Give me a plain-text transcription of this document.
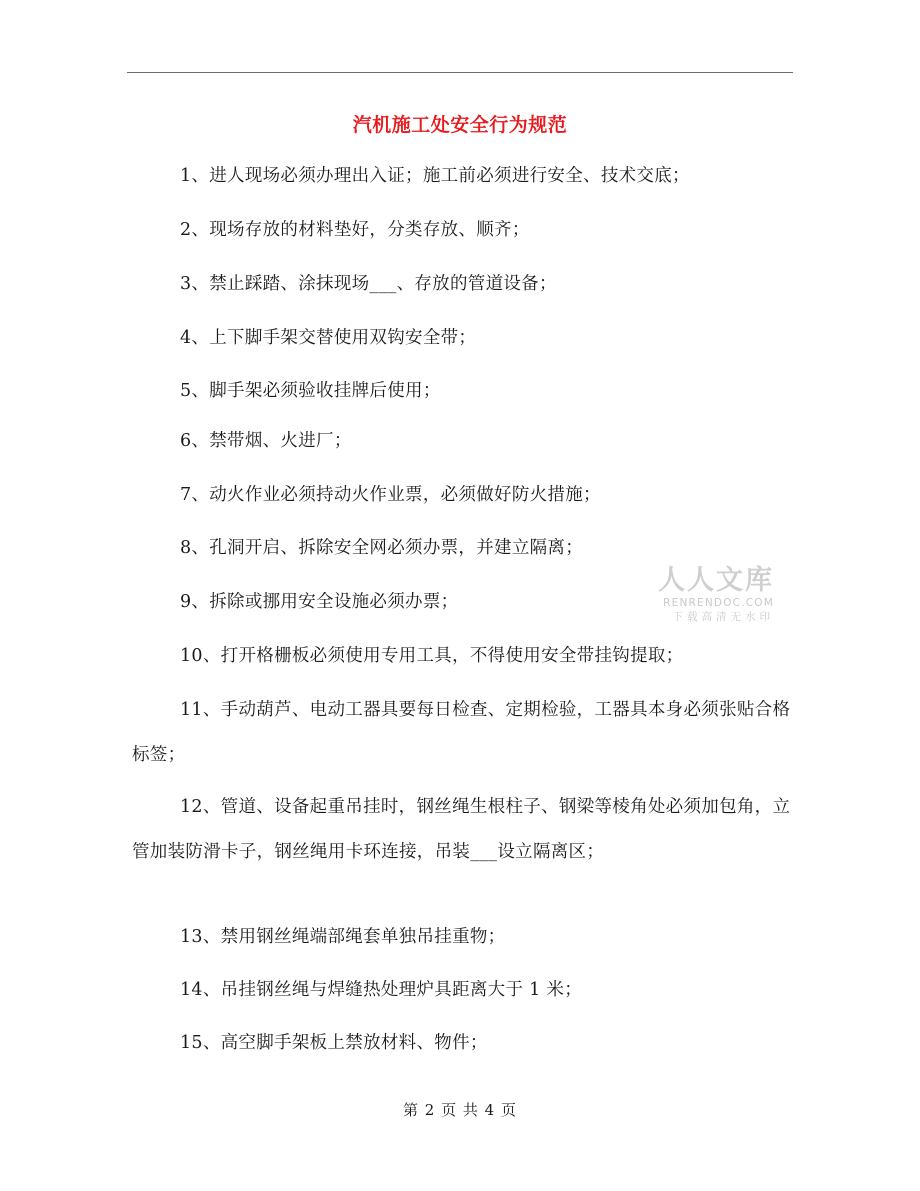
汽机施工处安全行为规范
1、进人现场必须办理出入证；施工前必须进行安全、技术交底；
2、现场存放的材料垫好，分类存放、顺齐；
3、禁止踩踏、涂抹现场___、存放的管道设备；
4、上下脚手架交替使用双钩安全带；
5、脚手架必须验收挂牌后使用；
6、禁带烟、火进厂；
7、动火作业必须持动火作业票，必须做好防火措施；
8、孔洞开启、拆除安全网必须办票，并建立隔离；
9、拆除或挪用安全设施必须办票；
10、打开格栅板必须使用专用工具，不得使用安全带挂钩提取；
11、手动葫芦、电动工器具要每日检查、定期检验，工器具本身必须张贴合格标签；
12、管道、设备起重吊挂时，钢丝绳生根柱子、钢梁等棱角处必须加包角，立管加装防滑卡子，钢丝绳用卡环连接，吊装___设立隔离区；
13、禁用钢丝绳端部绳套单独吊挂重物；
14、吊挂钢丝绳与焊缝热处理炉具距离大于 1 米；
15、高空脚手架板上禁放材料、物件；
人人文库
RENRENDOC.COM
下载高清无水印
第 2 页 共 4 页
